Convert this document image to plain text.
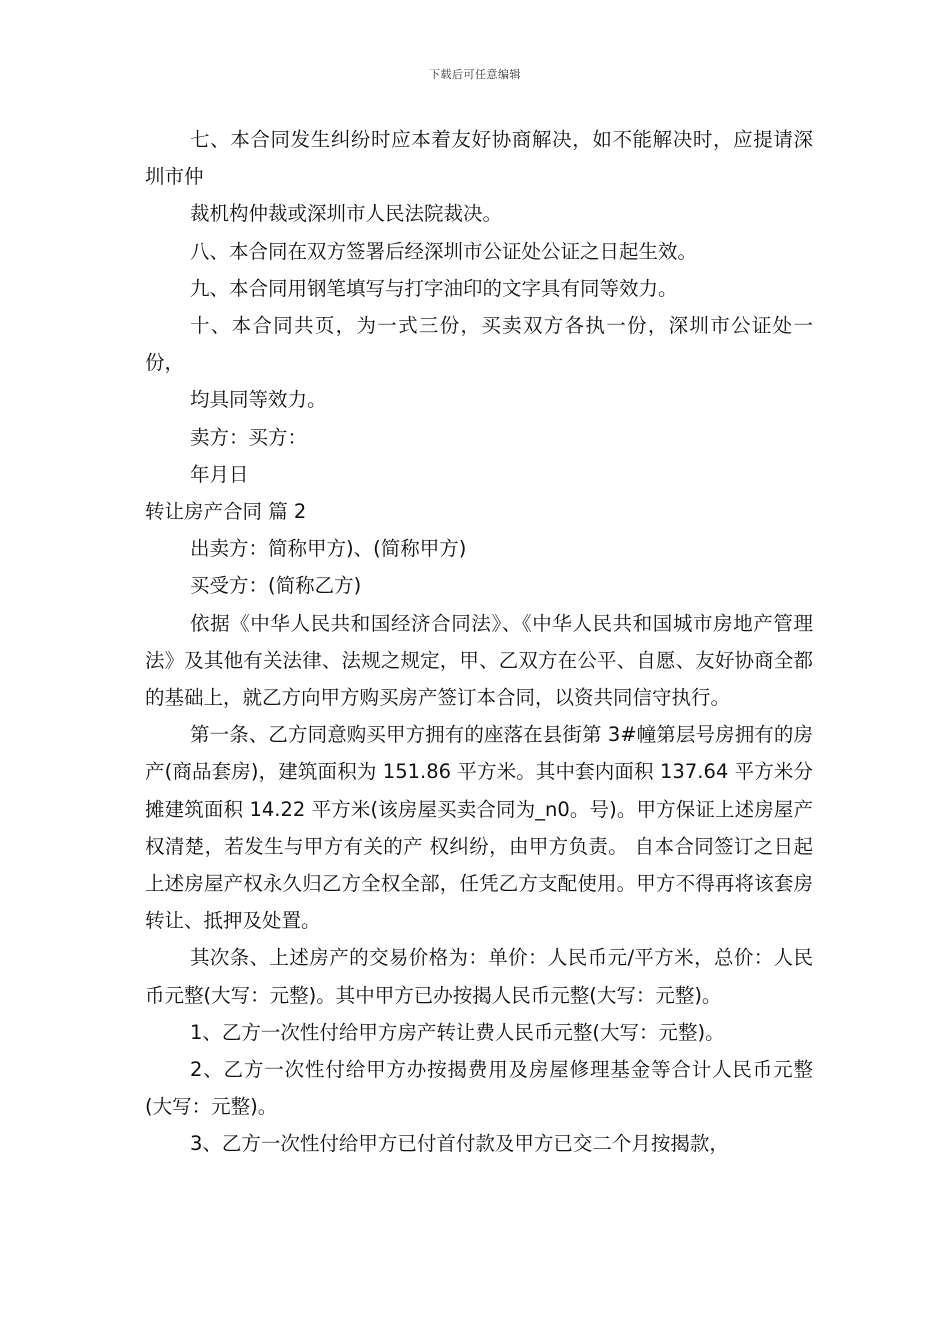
下载后可任意编辑

七、本合同发生纠纷时应本着友好协商解决，如不能解决时，应提请深圳市仲

裁机构仲裁或深圳市人民法院裁决。

八、本合同在双方签署后经深圳市公证处公证之日起生效。

九、本合同用钢笔填写与打字油印的文字具有同等效力。

十、本合同共页，为一式三份，买卖双方各执一份，深圳市公证处一份，

均具同等效力。

卖方：买方：

年月日

转让房产合同 篇 2

出卖方：简称甲方)、(简称甲方)

买受方：(简称乙方)

依据《中华人民共和国经济合同法》、《中华人民共和国城市房地产管理法》及其他有关法律、法规之规定，甲、乙双方在公平、自愿、友好协商全都的基础上，就乙方向甲方购买房产签订本合同，以资共同信守执行。

第一条、乙方同意购买甲方拥有的座落在县街第 3#幢第层号房拥有的房产(商品套房)，建筑面积为 151.86 平方米。其中套内面积 137.64 平方米分摊建筑面积 14.22 平方米(该房屋买卖合同为_n0。号)。甲方保证上述房屋产权清楚，若发生与甲方有关的产 权纠纷，由甲方负责。 自本合同签订之日起上述房屋产权永久归乙方全权全部，任凭乙方支配使用。甲方不得再将该套房转让、抵押及处置。

其次条、上述房产的交易价格为：单价：人民币元/平方米，总价：人民币元整(大写：元整)。其中甲方已办按揭人民币元整(大写：元整)。

1、乙方一次性付给甲方房产转让费人民币元整(大写：元整)。

2、乙方一次性付给甲方办按揭费用及房屋修理基金等合计人民币元整(大写：元整)。

3、乙方一次性付给甲方已付首付款及甲方已交二个月按揭款，
